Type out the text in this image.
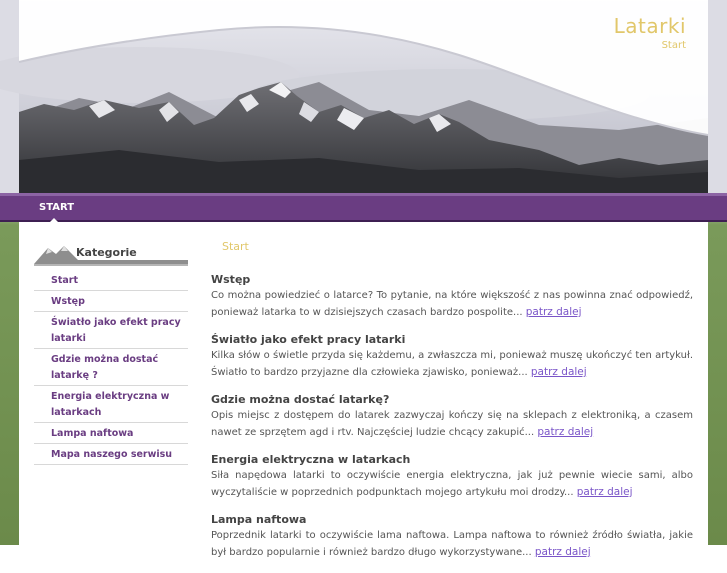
Latarki
Start
START
Kategorie
Start
Wstęp
Światło jako efekt pracy latarki
Gdzie można dostać latarkę ?
Energia elektryczna w latarkach
Lampa naftowa
Mapa naszego serwisu
Start
Wstęp

Co można powiedzieć o latarce? To pytanie, na które większość z nas powinna znać odpowiedź, ponieważ latarka to w dzisiejszych czasach bardzo pospolite... patrz dalej

Światło jako efekt pracy latarki

Kilka słów o świetle przyda się każdemu, a zwłaszcza mi, ponieważ muszę ukończyć ten artykuł. Światło to bardzo przyjazne dla człowieka zjawisko, ponieważ... patrz dalej

Gdzie można dostać latarkę?

Opis miejsc z dostępem do latarek zazwyczaj kończy się na sklepach z elektroniką, a czasem nawet ze sprzętem agd i rtv. Najczęściej ludzie chcący zakupić... patrz dalej

Energia elektryczna w latarkach

Siła napędowa latarki to oczywiście energia elektryczna, jak już pewnie wiecie sami, albo wyczytaliście w poprzednich podpunktach mojego artykułu moi drodzy... patrz dalej

Lampa naftowa

Poprzednik latarki to oczywiście lama naftowa. Lampa naftowa to również źródło światła, jakie był bardzo popularnie i również bardzo długo wykorzystywane... patrz dalej
